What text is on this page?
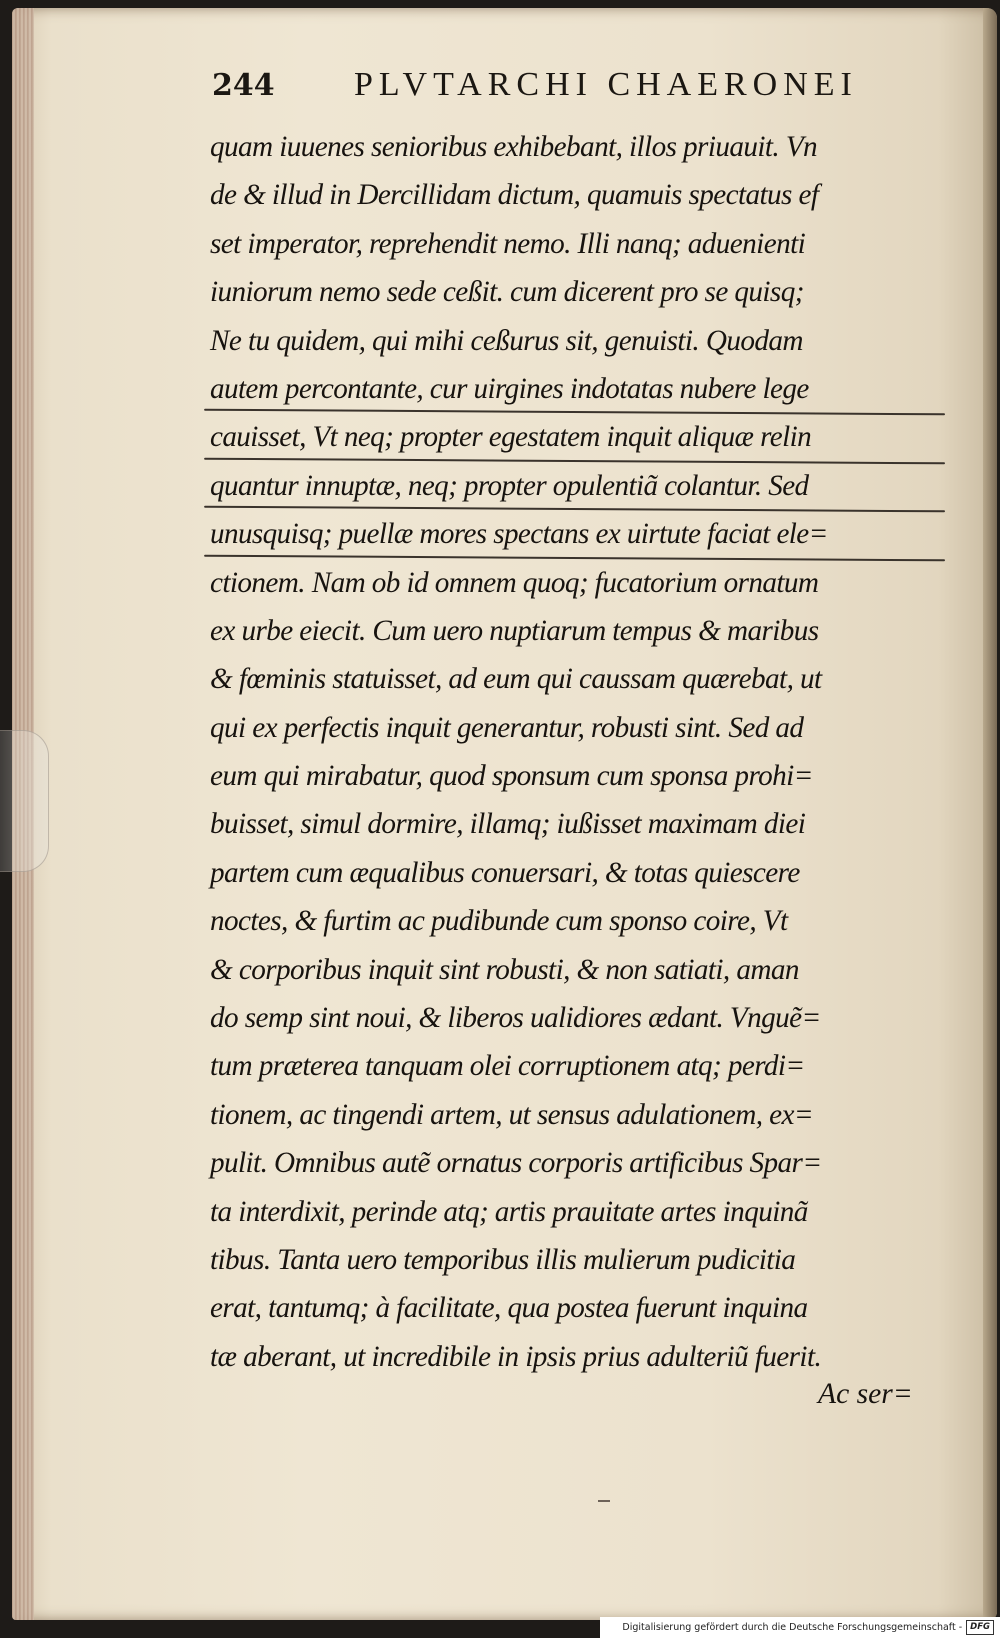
244 PLVTARCHI CHAERONEI
quam iuuenes senioribus exhibebant, illos priuauit. Vn
de & illud in Dercillidam dictum, quamuis spectatus ef
set imperator, reprehendit nemo. Illi nanq; aduenienti
iuniorum nemo sede ceßit. cum dicerent pro se quisq;
Ne tu quidem, qui mihi ceßurus sit, genuisti. Quodam
autem percontante, cur uirgines indotatas nubere lege
cauisset, Vt neq; propter egestatem inquit aliquæ relin
quantur innuptæ, neq; propter opulentiã colantur. Sed
unusquisq; puellæ mores spectans ex uirtute faciat ele=
ctionem. Nam ob id omnem quoq; fucatorium ornatum
ex urbe eiecit. Cum uero nuptiarum tempus & maribus
& fœminis statuisset, ad eum qui caussam quærebat, ut
qui ex perfectis inquit generantur, robusti sint. Sed ad
eum qui mirabatur, quod sponsum cum sponsa prohi=
buisset, simul dormire, illamq; iußisset maximam diei
partem cum æqualibus conuersari, & totas quiescere
noctes, & furtim ac pudibunde cum sponso coire, Vt
& corporibus inquit sint robusti, & non satiati, aman
do semp sint noui, & liberos ualidiores ædant. Vnguẽ=
tum præterea tanquam olei corruptionem atq; perdi=
tionem, ac tingendi artem, ut sensus adulationem, ex=
pulit. Omnibus autẽ ornatus corporis artificibus Spar=
ta interdixit, perinde atq; artis prauitate artes inquinã
tibus. Tanta uero temporibus illis mulierum pudicitia
erat, tantumq; à facilitate, qua postea fuerunt inquina
tæ aberant, ut incredibile in ipsis prius adulteriũ fuerit.
Ac ser=
Digitalisierung gefördert durch die Deutsche Forschungsgemeinschaft - DFG
